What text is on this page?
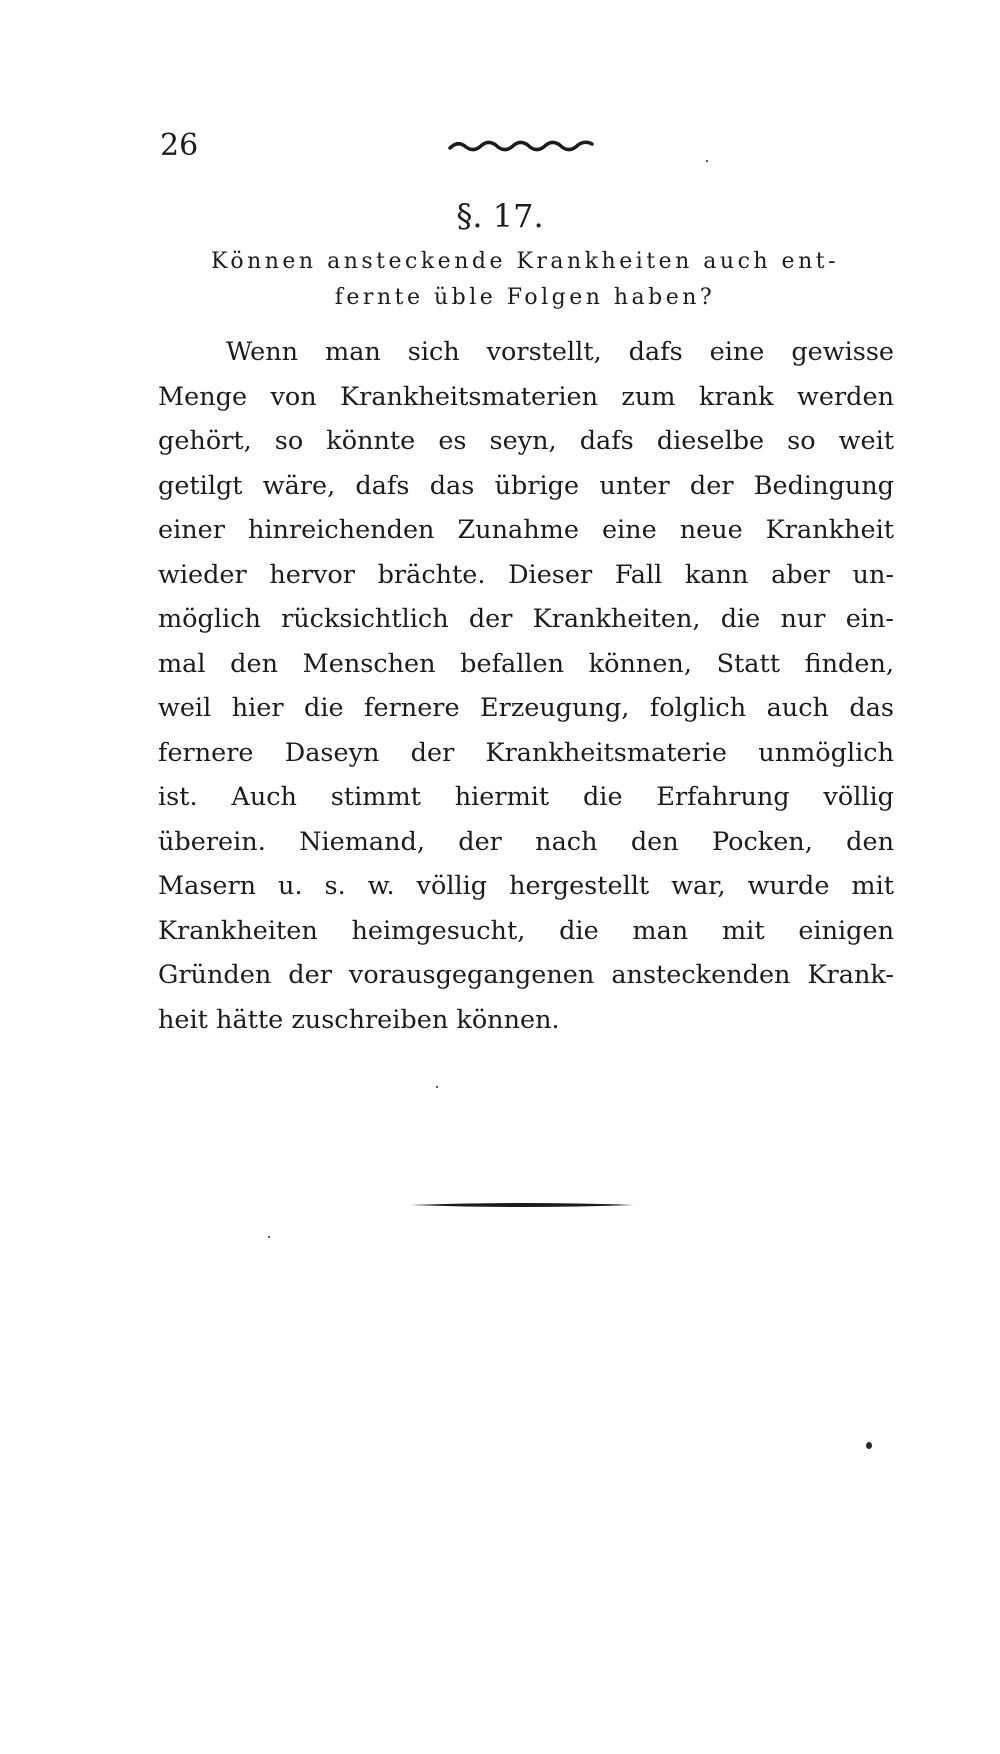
26
§. 17.
Können ansteckende Krankheiten auch ent-
fernte üble Folgen haben?
Wenn man sich vorstellt, dafs eine gewisse
Menge von Krankheitsmaterien zum krank werden
gehört, so könnte es seyn, dafs dieselbe so weit
getilgt wäre, dafs das übrige unter der Bedingung
einer hinreichenden Zunahme eine neue Krankheit
wieder hervor brächte. Dieser Fall kann aber un-
möglich rücksichtlich der Krankheiten, die nur ein-
mal den Menschen befallen können, Statt finden,
weil hier die fernere Erzeugung, folglich auch das
fernere Daseyn der Krankheitsmaterie unmöglich
ist. Auch stimmt hiermit die Erfahrung völlig
überein. Niemand, der nach den Pocken, den
Masern u. s. w. völlig hergestellt war, wurde mit
Krankheiten heimgesucht, die man mit einigen
Gründen der vorausgegangenen ansteckenden Krank-
heit hätte zuschreiben können.
